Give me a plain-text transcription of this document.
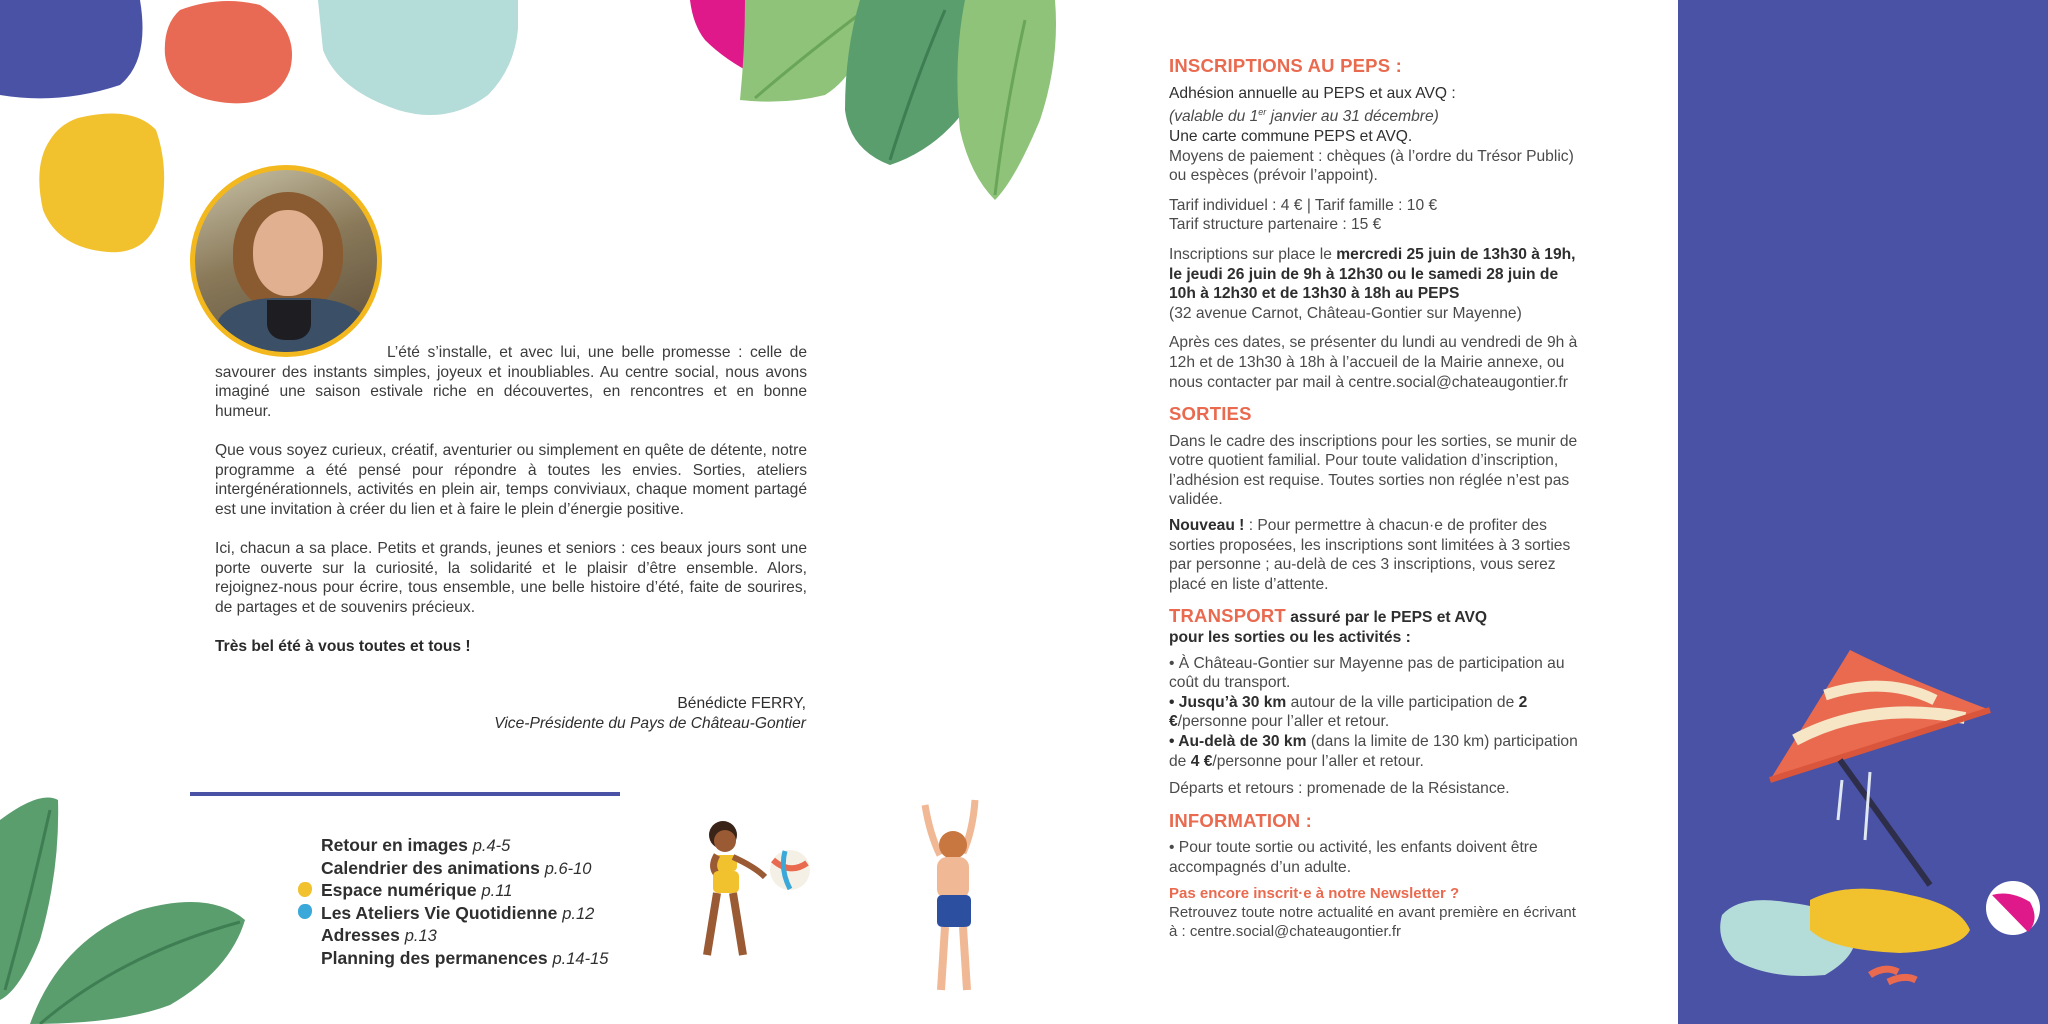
L’été s’installe, et avec lui, une belle promesse : celle de savourer des instants simples, joyeux et inoubliables. Au centre social, nous avons imaginé une saison estivale riche en découvertes, en rencontres et en bonne humeur.

Que vous soyez curieux, créatif, aventurier ou simplement en quête de détente, notre programme a été pensé pour répondre à toutes les envies. Sorties, ateliers intergénérationnels, activités en plein air, temps conviviaux, chaque moment partagé est une invitation à créer du lien et à faire le plein d’énergie positive.

Ici, chacun a sa place. Petits et grands, jeunes et seniors : ces beaux jours sont une porte ouverte sur la curiosité, la solidarité et le plaisir d’être ensemble. Alors, rejoignez-nous pour écrire, tous ensemble, une belle histoire d’été, faite de sourires, de partages et de souvenirs précieux.

Très bel été à vous toutes et tous !

Bénédicte FERRY,
Vice-Présidente du Pays de Château-Gontier
Retour en images p.4-5
Calendrier des animations p.6-10
Espace numérique p.11
Les Ateliers Vie Quotidienne p.12
Adresses p.13
Planning des permanences p.14-15
INSCRIPTIONS AU PEPS :

Adhésion annuelle au PEPS et aux AVQ :
(valable du 1er janvier au 31 décembre)
Une carte commune PEPS et AVQ.
Moyens de paiement : chèques (à l’ordre du Trésor Public) ou espèces (prévoir l’appoint).

Tarif individuel : 4 € | Tarif famille : 10 €
Tarif structure partenaire : 15 €

Inscriptions sur place le mercredi 25 juin de 13h30 à 19h, le jeudi 26 juin de 9h à 12h30 ou le samedi 28 juin de 10h à 12h30 et de 13h30 à 18h au PEPS
(32 avenue Carnot, Château-Gontier sur Mayenne)

Après ces dates, se présenter du lundi au vendredi de 9h à 12h et de 13h30 à 18h à l’accueil de la Mairie annexe, ou nous contacter par mail à centre.social@chateaugontier.fr

SORTIES

Dans le cadre des inscriptions pour les sorties, se munir de votre quotient familial. Pour toute validation d’inscription, l’adhésion est requise. Toutes sorties non réglée n’est pas validée.

Nouveau ! : Pour permettre à chacun·e de profiter des sorties proposées, les inscriptions sont limitées à 3 sorties par personne ; au-delà de ces 3 inscriptions, vous serez placé en liste d’attente.

TRANSPORT assuré par le PEPS et AVQ
pour les sorties ou les activités :

• À Château-Gontier sur Mayenne pas de participation au coût du transport.
• Jusqu’à 30 km autour de la ville participation de 2 €/personne pour l’aller et retour.
• Au-delà de 30 km (dans la limite de 130 km) participation de 4 €/personne pour l’aller et retour.

Départs et retours : promenade de la Résistance.

INFORMATION :

• Pour toute sortie ou activité, les enfants doivent être accompagnés d’un adulte.

Pas encore inscrit·e à notre Newsletter ?
Retrouvez toute notre actualité en avant première en écrivant à : centre.social@chateaugontier.fr
